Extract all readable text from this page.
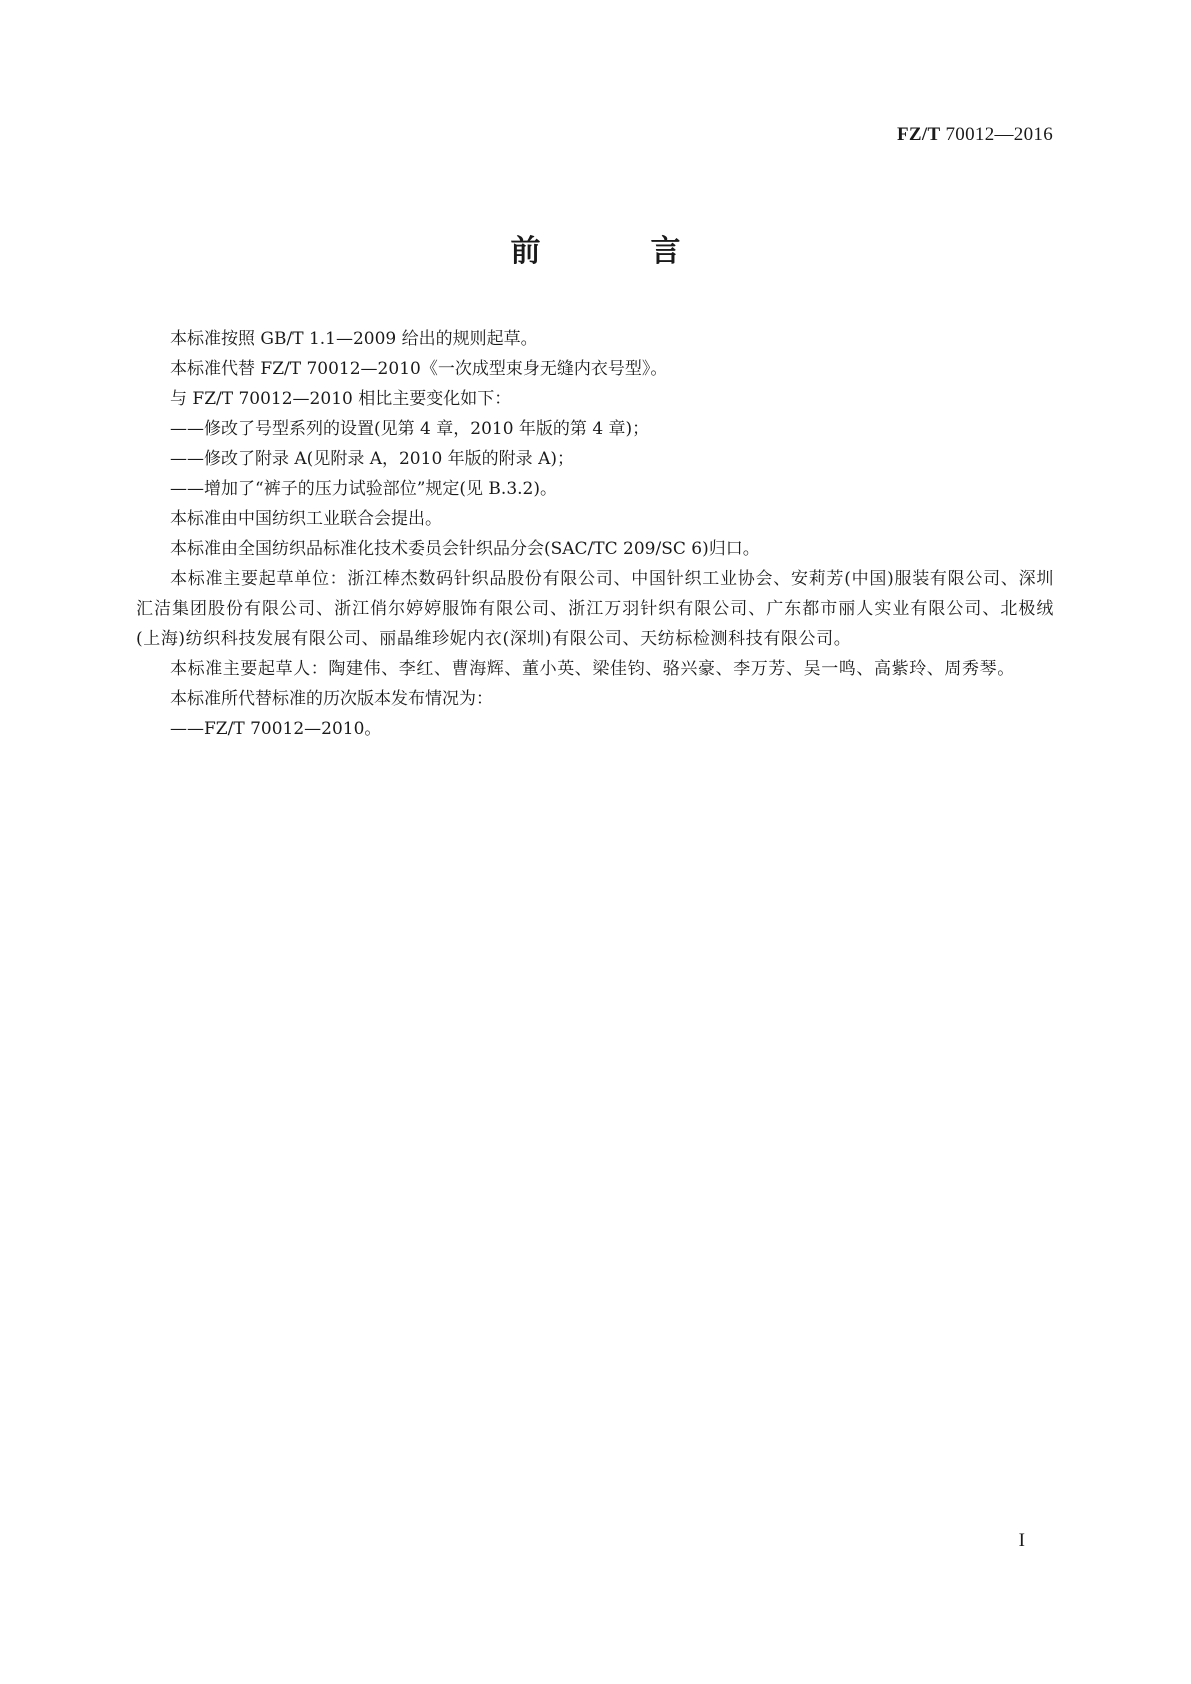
FZ/T 70012—2016
前　言

本标准按照 GB/T 1.1—2009 给出的规则起草。

本标准代替 FZ/T 70012—2010《一次成型束身无缝内衣号型》。

与 FZ/T 70012—2010 相比主要变化如下：

——修改了号型系列的设置(见第 4 章，2010 年版的第 4 章)；

——修改了附录 A(见附录 A，2010 年版的附录 A)；

——增加了“裤子的压力试验部位”规定(见 B.3.2)。

本标准由中国纺织工业联合会提出。

本标准由全国纺织品标准化技术委员会针织品分会(SAC/TC 209/SC 6)归口。

本标准主要起草单位：浙江棒杰数码针织品股份有限公司、中国针织工业协会、安莉芳(中国)服装有限公司、深圳汇洁集团股份有限公司、浙江俏尔婷婷服饰有限公司、浙江万羽针织有限公司、广东都市丽人实业有限公司、北极绒(上海)纺织科技发展有限公司、丽晶维珍妮内衣(深圳)有限公司、天纺标检测科技有限公司。

本标准主要起草人：陶建伟、李红、曹海辉、董小英、梁佳钧、骆兴豪、李万芳、吴一鸣、高紫玲、周秀琴。

本标准所代替标准的历次版本发布情况为：

——FZ/T 70012—2010。

I
